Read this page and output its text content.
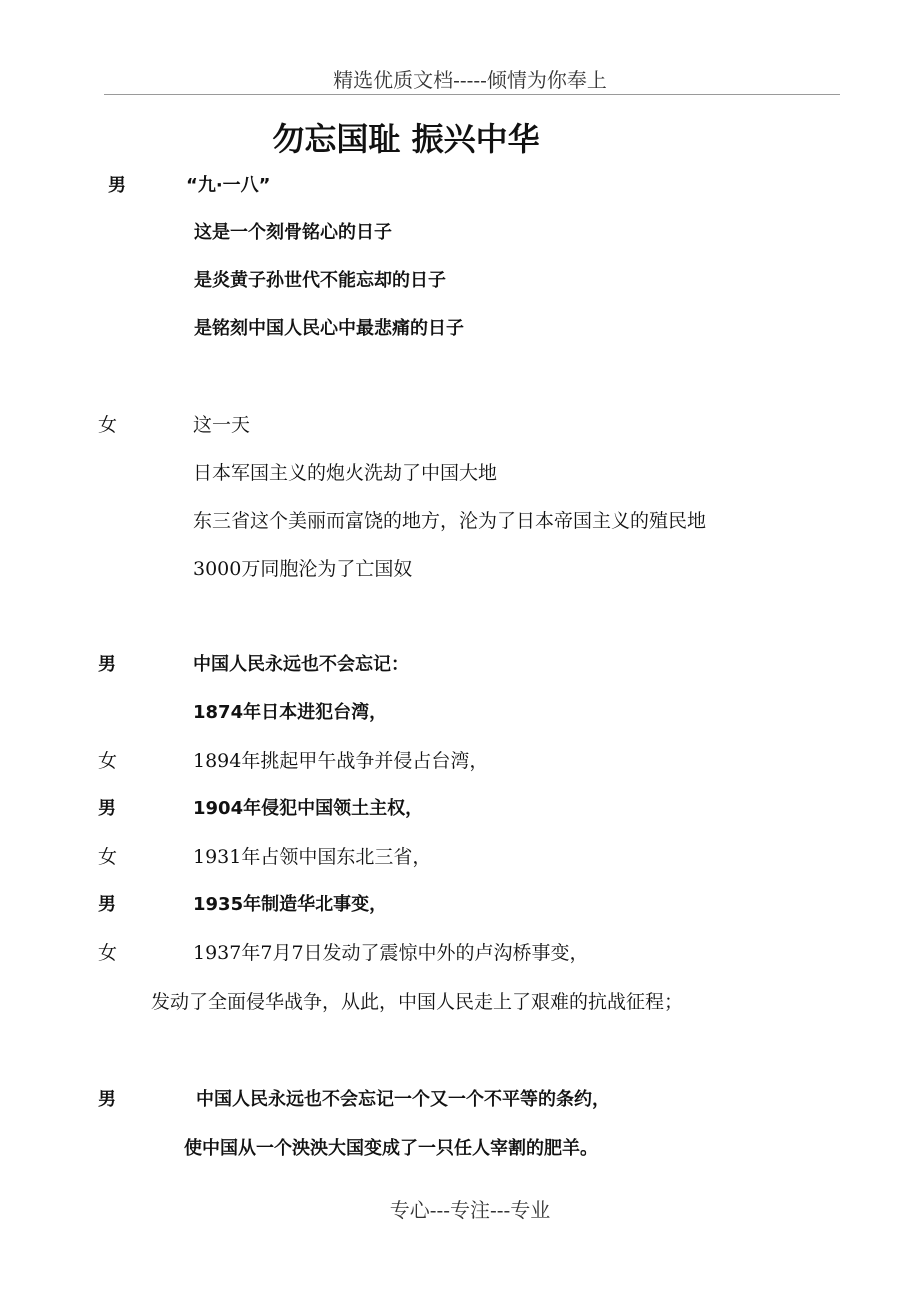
精选优质文档-----倾情为你奉上
勿忘国耻 振兴中华
男	“九·一八”
这是一个刻骨铭心的日子
是炎黄子孙世代不能忘却的日子
是铭刻中国人民心中最悲痛的日子
女	这一天
日本军国主义的炮火洗劫了中国大地
东三省这个美丽而富饶的地方，沦为了日本帝国主义的殖民地
3000万同胞沦为了亡国奴
男	中国人民永远也不会忘记：
1874年日本进犯台湾，
女	1894年挑起甲午战争并侵占台湾，
男	1904年侵犯中国领土主权，
女	1931年占领中国东北三省，
男	1935年制造华北事变，
女	1937年7月7日发动了震惊中外的卢沟桥事变，
发动了全面侵华战争，从此，中国人民走上了艰难的抗战征程；
男	中国人民永远也不会忘记一个又一个不平等的条约，
使中国从一个泱泱大国变成了一只任人宰割的肥羊。
专心---专注---专业
